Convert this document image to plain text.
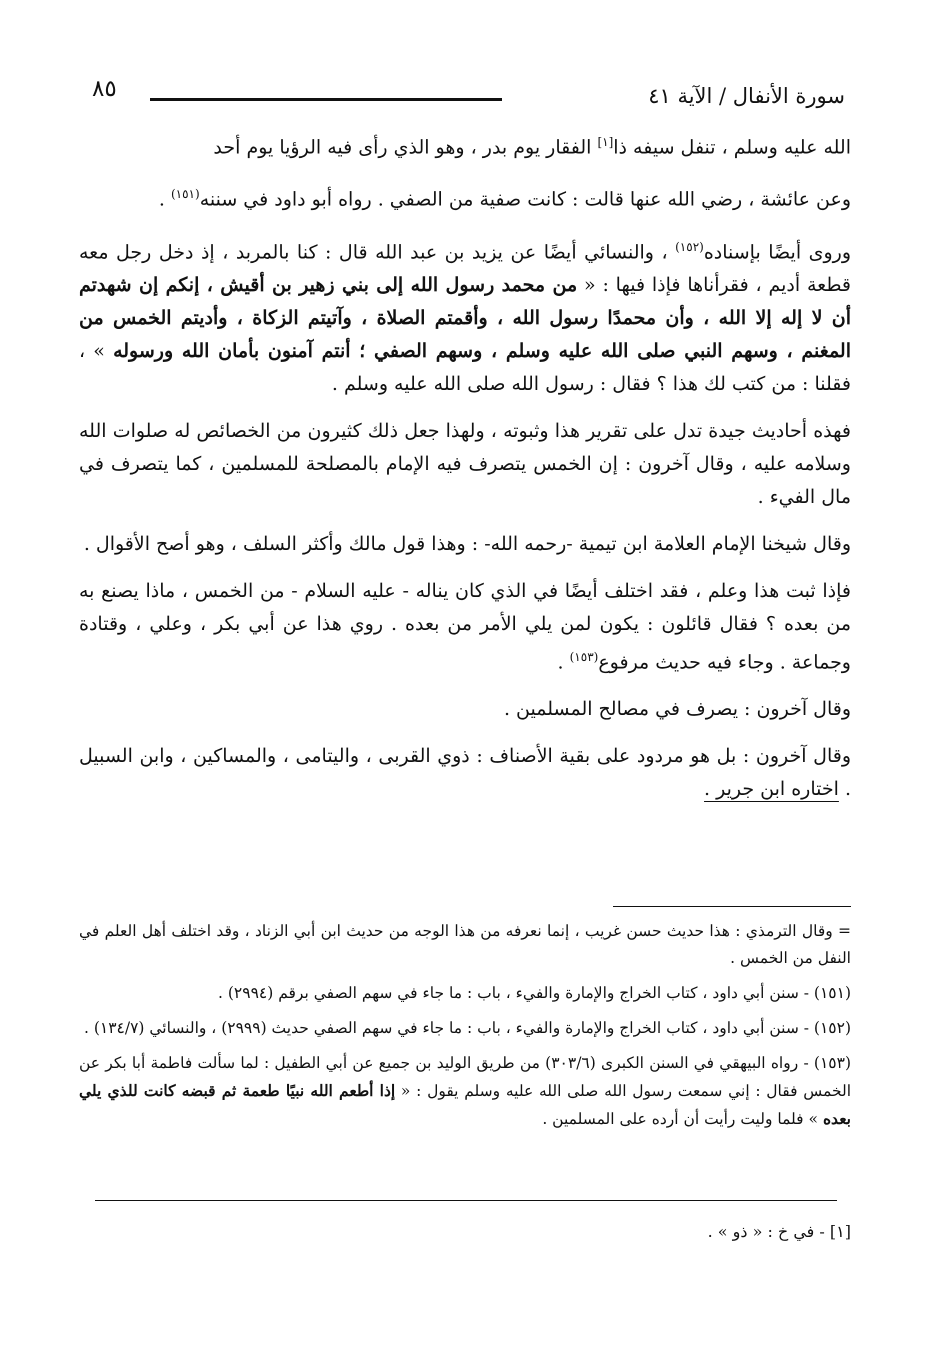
سورة الأنفال / الآية ٤١
٨٥

الله عليه وسلم ، تنفل سيفه ذا[١] الفقار يوم بدر ، وهو الذي رأى فيه الرؤيا يوم أحد

وعن عائشة ، رضي الله عنها قالت : كانت صفية من الصفي . رواه أبو داود في سننه$^{(١٥١)}$ .

وروى أيضًا بإسناده$^{(١٥٢)}$ ، والنسائي أيضًا عن يزيد بن عبد الله قال : كنا بالمربد ، إذ دخل رجل معه قطعة أديم ، فقرأناها فإذا فيها : « من محمد رسول الله إلى بني زهير بن أقيش ، إنكم إن شهدتم أن لا إله إلا الله ، وأن محمدًا رسول الله ، وأقمتم الصلاة ، وآتيتم الزكاة ، وأديتم الخمس من المغنم ، وسهم النبي صلى الله عليه وسلم ، وسهم الصفي ؛ أنتم آمنون بأمان الله ورسوله » ، فقلنا : من كتب لك هذا ؟ فقال : رسول الله صلى الله عليه وسلم .

فهذه أحاديث جيدة تدل على تقرير هذا وثبوته ، ولهذا جعل ذلك كثيرون من الخصائص له صلوات الله وسلامه عليه ، وقال آخرون : إن الخمس يتصرف فيه الإمام بالمصلحة للمسلمين ، كما يتصرف في مال الفيء .

وقال شيخنا الإمام العلامة ابن تيمية -رحمه الله- : وهذا قول مالك وأكثر السلف ، وهو أصح الأقوال .

فإذا ثبت هذا وعلم ، فقد اختلف أيضًا في الذي كان يناله - عليه السلام - من الخمس ، ماذا يصنع به من بعده ؟ فقال قائلون : يكون لمن يلي الأمر من بعده . روي هذا عن أبي بكر ، وعلي ، وقتادة وجماعة . وجاء فيه حديث مرفوع$^{(١٥٣)}$ .

وقال آخرون : يصرف في مصالح المسلمين .

وقال آخرون : بل هو مردود على بقية الأصناف : ذوي القربى ، واليتامى ، والمساكين ، وابن السبيل . اختاره ابن جرير .

= وقال الترمذي : هذا حديث حسن غريب ، إنما نعرفه من هذا الوجه من حديث ابن أبي الزناد ، وقد اختلف أهل العلم في النفل من الخمس .

(١٥١) - سنن أبي داود ، كتاب الخراج والإمارة والفيء ، باب : ما جاء في سهم الصفي برقم (٢٩٩٤) .

(١٥٢) - سنن أبي داود ، كتاب الخراج والإمارة والفيء ، باب : ما جاء في سهم الصفي حديث (٢٩٩٩) ، والنسائي (١٣٤/٧) .

(١٥٣) - رواه البيهقي في السنن الكبرى (٣٠٣/٦) من طريق الوليد بن جميع عن أبي الطفيل : لما سألت فاطمة أبا بكر عن الخمس فقال : إني سمعت رسول الله صلى الله عليه وسلم يقول : « إذا أطعم الله نبيًا طعمة ثم قبضه كانت للذي يلي بعده » فلما وليت رأيت أن أرده على المسلمين .

[١] - في خ : « ذو » .
